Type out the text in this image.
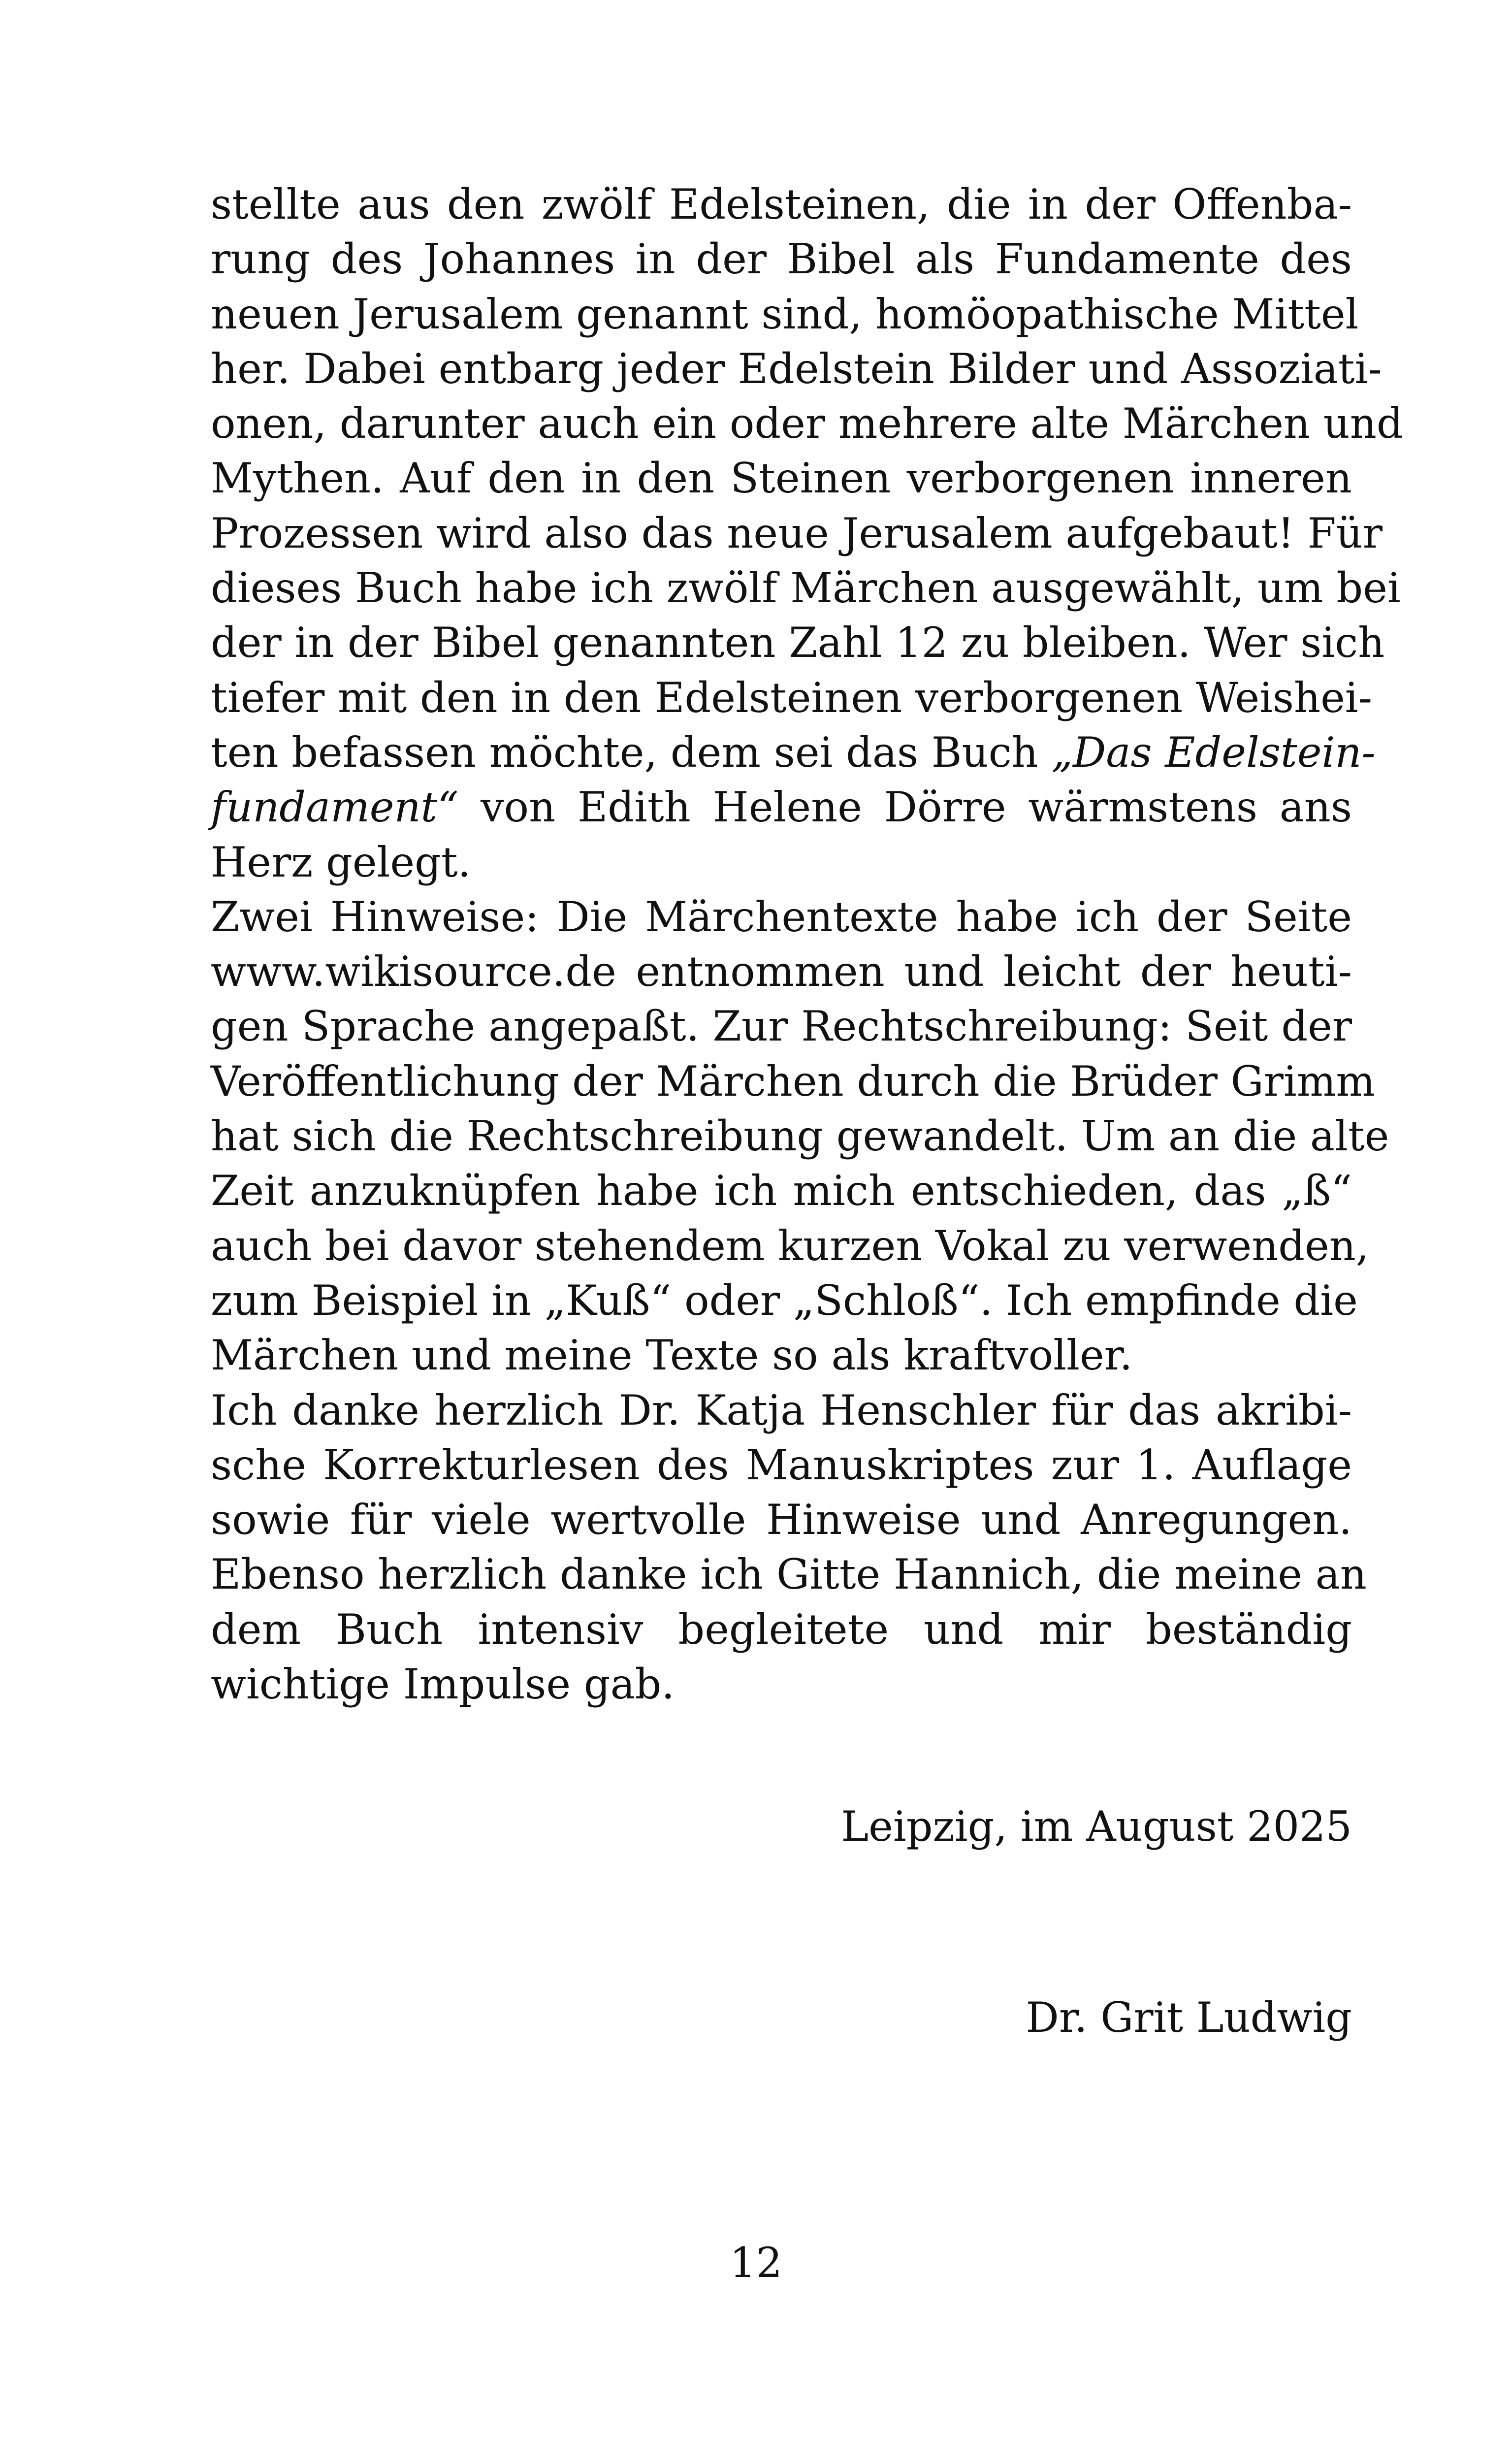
stellte aus den zwölf Edelsteinen, die in der Offenba-
rung des Johannes in der Bibel als Fundamente des
neuen Jerusalem genannt sind, homöopathische Mittel
her. Dabei entbarg jeder Edelstein Bilder und Assoziati-
onen, darunter auch ein oder mehrere alte Märchen und
Mythen. Auf den in den Steinen verborgenen inneren
Prozessen wird also das neue Jerusalem aufgebaut! Für
dieses Buch habe ich zwölf Märchen ausgewählt, um bei
der in der Bibel genannten Zahl 12 zu bleiben. Wer sich
tiefer mit den in den Edelsteinen verborgenen Weishei-
ten befassen möchte, dem sei das Buch „Das Edelstein-
fundament“ von Edith Helene Dörre wärmstens ans
Herz gelegt.
Zwei Hinweise: Die Märchentexte habe ich der Seite
www.wikisource.de entnommen und leicht der heuti-
gen Sprache angepaßt. Zur Rechtschreibung: Seit der
Veröffentlichung der Märchen durch die Brüder Grimm
hat sich die Rechtschreibung gewandelt. Um an die alte
Zeit anzuknüpfen habe ich mich entschieden, das „ß“
auch bei davor stehendem kurzen Vokal zu verwenden,
zum Beispiel in „Kuß“ oder „Schloß“. Ich empfinde die
Märchen und meine Texte so als kraftvoller.
Ich danke herzlich Dr. Katja Henschler für das akribi-
sche Korrekturlesen des Manuskriptes zur 1. Auflage
sowie für viele wertvolle Hinweise und Anregungen.
Ebenso herzlich danke ich Gitte Hannich, die meine an
dem Buch intensiv begleitete und mir beständig
wichtige Impulse gab.
Leipzig, im August 2025
Dr. Grit Ludwig
12
